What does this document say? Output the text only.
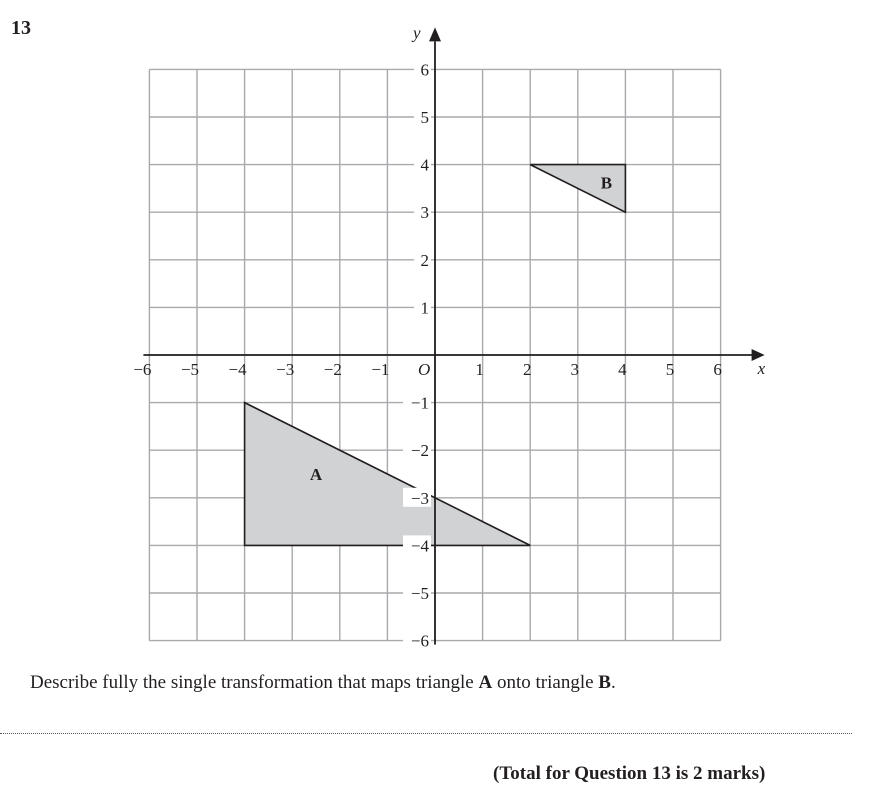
13
A
B
x
y
O
−6 −5 −4 −3 −2 −1	1 2 3 4 5 6
6
5
4
3
2
1
−1
−2
−3
−4
−5
−6
Describe fully the single transformation that maps triangle A onto triangle B.
(Total for Question 13 is 2 marks)
